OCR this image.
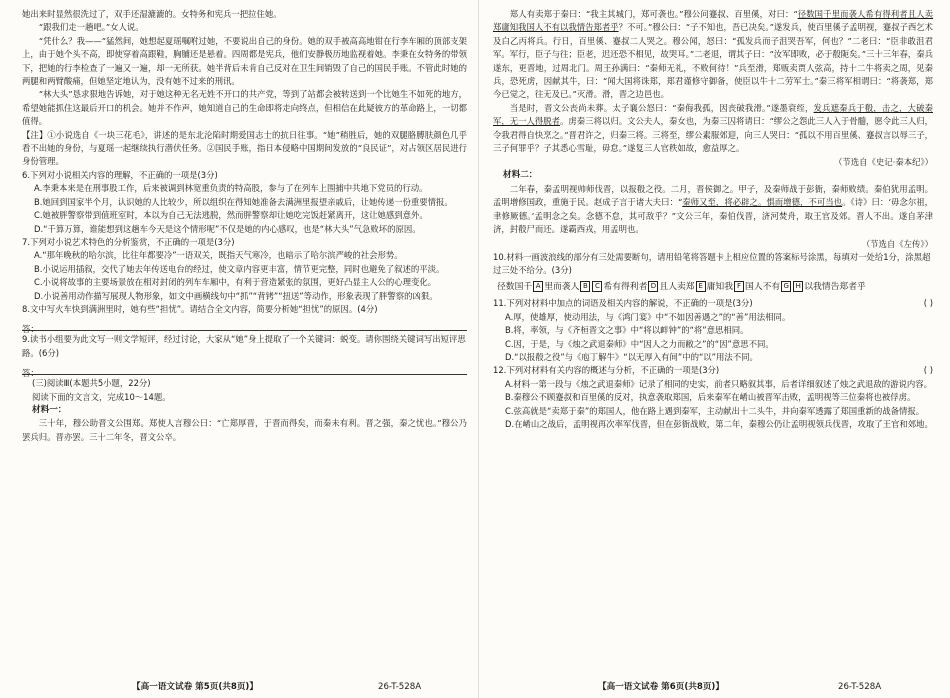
她出来时显然很洗过了，双手还湿漉漉的。女特务和宪兵一把拉住她。

“跟我们走一趟吧。”女人说。

“凭什么？我——”猛然间，她想起夏瑶嘱咐过她，不要说出自己的身份。她的双手被高高地钳在行李车厢的顶部支架上，由于她个头不高，即使穿着高跟鞋，胸脯还是悬着。四周都是宪兵，他们安静极历地监视着她。李秉在女特务的带领下，把她的行李检查了一遍又一遍，却一无所获。她半背后未肯自己反对在卫生间销毁了自己的国民手账。不管此时她的两腿和两臂酸痛，但她坚定地认为，没有她不过来的刑讯。

“林大头”恳求狠地告诉她，对于她这种无名无姓不开口的共产党，等到了站都会被转送到一个比她生不如死的地方，希望她能抓住这最后开口的机会。她并不作声，她知道自己的生命即将走向终点，但相信在此疑彼方的革命路上，一切都值得。

【注】①小说选自《一块三花毛》，讲述的是东北沦陷时期爱国志士的抗日往事。“她”稍胜后，她的双腿胳膊肤颜色几乎看不出她的身份，与夏瑶一起继续执行潜伏任务。②国民手账，指日本侵略中国期间发放的“良民证”，对占领区居民进行身份管理。

6.下列对小说相关内容的理解，不正确的一项是(3分)

A.李秉本来是在刑事股工作，后来被调到林宽重负责的特高股，参与了在列车上围捕中共地下党员的行动。

B.她回到国家半个月，认识她的人比较少，所以组织在得知她准备去满洲里报望亲戚后，让她传递一份重要情报。

C.她被胖警察带到值班室时，本以为自己无法逃脱，然而胖警察却让她吃完饭赶紧离开，这让她感到意外。

D.“千算万算，谁能想到这趟车今天是这个情形呢”不仅是她的内心感叹，也是“林大头”气急败坏的原因。

7.下列对小说艺术特色的分析鉴赏，不正确的一项是(3分)

A.“那年晚秋的哈尔滨，比往年都要冷”一语双关，既指天气寒冷，也暗示了哈尔滨严峻的社会形势。

B.小说运用插叙，交代了她去年传送电台的经过，使文章内容更丰富，情节更完整，同时也避免了叙述的平淡。

C.小说将故事的主要场景放在相对封闭的列车车厢中，有利于营造紧张的氛围，更好凸显主人公的心理变化。

D.小说善用动作描写展现人物形象，如文中画横线句中“抓”“背铐”“扭送”等动作，形象表现了胖警察的凶狠。

8.文中写火车快到满洲里时，她有些“担忧”。请结合全文内容，简要分析她“担忧”的原因。(4分)

答：

9.读书小组要为此文写一则文学短评，经过讨论，大家从“她”身上提取了一个关键词：蜕变。请你围绕关键词写出短评思路。(6分)

答：

(三)阅读Ⅲ(本题共5小题，22分)

阅读下面的文言文，完成10～14题。

材料一：

三十年，穆公助晋文公围郑。郑使人言穆公曰：“亡郑厚晋，于晋而得矣，而秦未有利。晋之强，秦之忧也。”穆公乃罢兵归。晋亦罢。三十二年冬，晋文公卒。

【高一语文试卷 第5页(共8页)】	26-T-528A

郑人有卖郑于秦曰：“我主其城门，郑可袭也。”穆公问蹇叔、百里傒，对曰：“径数国千里而袭人希有得利者且人卖郑庸知我国人不有以我情告郑者乎？不可。”穆公曰：“子不知也，吾已决矣。”遂发兵，使百里傒子孟明视，蹇叔子西乞术及白乙丙将兵。行日，百里傒、蹇叔二人哭之。穆公闻，怒曰：“孤发兵而子沮哭吾军，何也？”二老曰：“臣非敢沮君军。军行，臣子与往；臣老，迟还恐不相见，故哭耳。”二老退，谓其子曰：“汝军即败，必于殽阨矣。”三十三年春，秦兵遂东，更晋地，过周北门。周王孙满曰：“秦师无礼，不败何待！”兵至滑，郑贩卖贾人弦高，持十二牛将卖之周，见秦兵，恐死虏，因献其牛，曰：“闻大国将诛郑，郑君谨修守御备，使臣以牛十二劳军士。”秦三将军相谓曰：“将袭郑，郑今已觉之，往无及已。”灭滑。滑，晋之边邑也。

当是时，晋文公丧尚未葬。太子襄公怒曰：“秦侮我孤，因丧破我滑。”遂墨衰绖，发兵遮秦兵于殽，击之，大破秦军，无一人得脱者。虏秦三将以归。文公夫人，秦女也，为秦三囚将请曰：“缪公之怨此三人入于骨髓，愿令此三人归，令我君得自快烹之。”晋君许之，归秦三将。三将至，缪公素服郊迎，向三人哭曰：“孤以不用百里傒、蹇叔言以辱三子，三子何罪乎？子其悉心雪耻，毋怠。”遂复三人官秩如故，愈益厚之。

（节选自《史记·秦本纪》）

材料二：

二年春，秦孟明视帅师伐晋，以报殽之役。二月，晋侯御之。甲子，及秦师战于彭衙，秦师败绩。秦伯犹用孟明。孟明增修国政，重施于民。赵成子言于诸大夫曰：“秦师又至，将必辟之。惧而增德，不可当也。《诗》曰：‘毋念尔祖，聿修厥德。’孟明念之矣。念德不怠，其可敌乎？”文公三年，秦伯伐晋，济河焚舟，取王官及郊。晋人不出。遂自茅津济，封殽尸而还。遂霸西戎，用孟明也。

（节选自《左传》）

10.材料一画波浪线的部分有三处需要断句，请用铅笔将答题卡上相应位置的答案标号涂黑，每填对一处给1分，涂黑超过三处不给分。(3分)

径数国千 A 里而袭人 B C 希有得利者 D 且人卖郑 E 庸知我 F 国人不有 G H 以我情告郑者乎

( )
11.下列对材料中加点的词语及相关内容的解说，不正确的一项是(3分)

A.厚，使雄厚，使动用法，与《鸿门宴》中“不如因善遇之”的“善”用法相同。

B.将，率领，与《齐桓晋文之事》中“将以衅钟”的“将”意思相同。

C.因，于是，与《烛之武退秦师》中“因人之力而敝之”的“因”意思不同。

D.“以报殽之役”与《庖丁解牛》“以无厚入有间”中的“以”用法不同。

( )
12.下列对材料有关内容的概述与分析，不正确的一项是(3分)

A.材料一第一段与《烛之武退秦师》记录了相同的史实，前者只略叙其事，后者详细叙述了烛之武退敌的游说内容。

B.秦穆公不顾蹇叔和百里傒的反对，执意袭取郑国，后来秦军在崤山被晋军击败，孟明视等三位秦将也被俘虏。

C.弦高就是“卖郑于秦”的郑国人，他在路上遇到秦军，主动献出十二头牛，并向秦军透露了郑国重新的战备情报。

D.在崤山之战后，孟明视再次率军伐晋，但在彭衙战败，第二年，秦穆公仍让孟明视领兵伐晋，攻取了王官和郊地。

【高一语文试卷 第6页(共8页)】	26-T-528A
